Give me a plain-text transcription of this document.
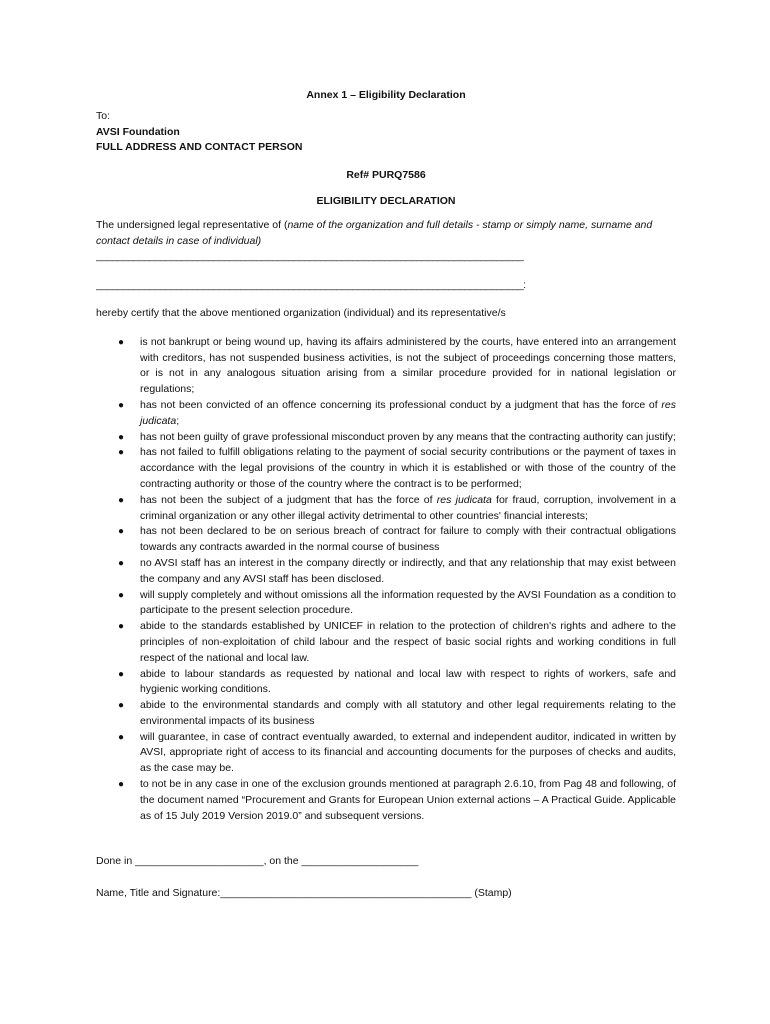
Annex 1 – Eligibility Declaration

To:

AVSI Foundation

FULL ADDRESS AND CONTACT PERSON

Ref# PURQ7586

ELIGIBILITY DECLARATION

The undersigned legal representative of (name of the organization and full details - stamp or simply name, surname and contact details in case of individual)

________________________________________________________________________________

________________________________________________________________________________:

hereby certify that the above mentioned organization (individual) and its representative/s

● is not bankrupt or being wound up, having its affairs administered by the courts, have entered into an arrangement with creditors, has not suspended business activities, is not the subject of proceedings concerning those matters, or is not in any analogous situation arising from a similar procedure provided for in national legislation or regulations;
● has not been convicted of an offence concerning its professional conduct by a judgment that has the force of res judicata;
● has not been guilty of grave professional misconduct proven by any means that the contracting authority can justify;
● has not failed to fulfill obligations relating to the payment of social security contributions or the payment of taxes in accordance with the legal provisions of the country in which it is established or with those of the country of the contracting authority or those of the country where the contract is to be performed;
● has not been the subject of a judgment that has the force of res judicata for fraud, corruption, involvement in a criminal organization or any other illegal activity detrimental to other countries' financial interests;
● has not been declared to be on serious breach of contract for failure to comply with their contractual obligations towards any contracts awarded in the normal course of business
● no AVSI staff has an interest in the company directly or indirectly, and that any relationship that may exist between the company and any AVSI staff has been disclosed.
● will supply completely and without omissions all the information requested by the AVSI Foundation as a condition to participate to the present selection procedure.
● abide to the standards established by UNICEF in relation to the protection of children's rights and adhere to the principles of non-exploitation of child labour and the respect of basic social rights and working conditions in full respect of the national and local law.
● abide to labour standards as requested by national and local law with respect to rights of workers, safe and hygienic working conditions.
● abide to the environmental standards and comply with all statutory and other legal requirements relating to the environmental impacts of its business
● will guarantee, in case of contract eventually awarded, to external and independent auditor, indicated in written by AVSI, appropriate right of access to its financial and accounting documents for the purposes of checks and audits, as the case may be.
● to not be in any case in one of the exclusion grounds mentioned at paragraph 2.6.10, from Pag 48 and following, of the document named “Procurement and Grants for European Union external actions – A Practical Guide. Applicable as of 15 July 2019 Version 2019.0” and subsequent versions.

Done in ______________________, on the ____________________

Name, Title and Signature:___________________________________________ (Stamp)
